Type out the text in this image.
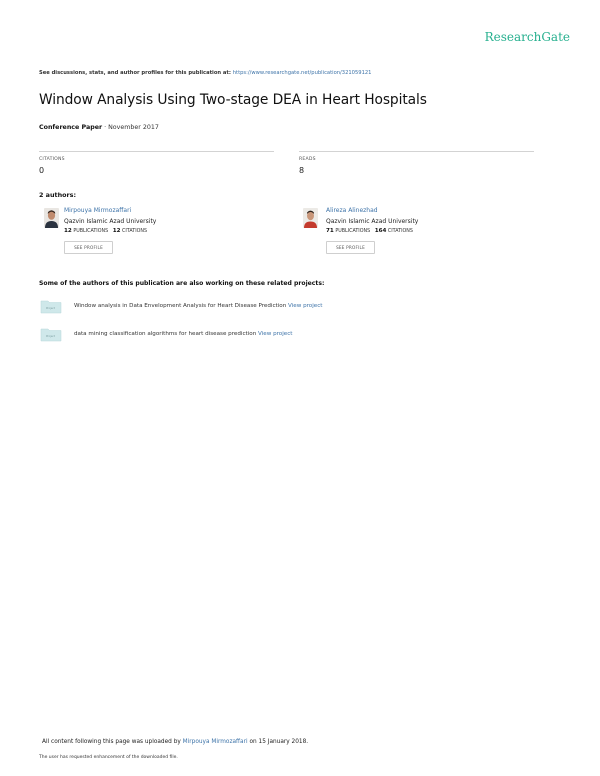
ResearchGate
See discussions, stats, and author profiles for this publication at: https://www.researchgate.net/publication/321059121
Window Analysis Using Two-stage DEA in Heart Hospitals
Conference Paper · November 2017
CITATIONS
0
READS
8
2 authors:
Mirpouya Mirmozaffari
Qazvin Islamic Azad University
12 PUBLICATIONS 12 CITATIONS
SEE PROFILE
Alireza Alinezhad
Qazvin Islamic Azad University
71 PUBLICATIONS 164 CITATIONS
SEE PROFILE
Some of the authors of this publication are also working on these related projects:
Project	Window analysis in Data Envelopment Analysis for Heart Disease Prediction View project
Project	data mining classification algorithms for heart disease prediction View project
All content following this page was uploaded by Mirpouya Mirmozaffari on 15 January 2018.
The user has requested enhancement of the downloaded file.
